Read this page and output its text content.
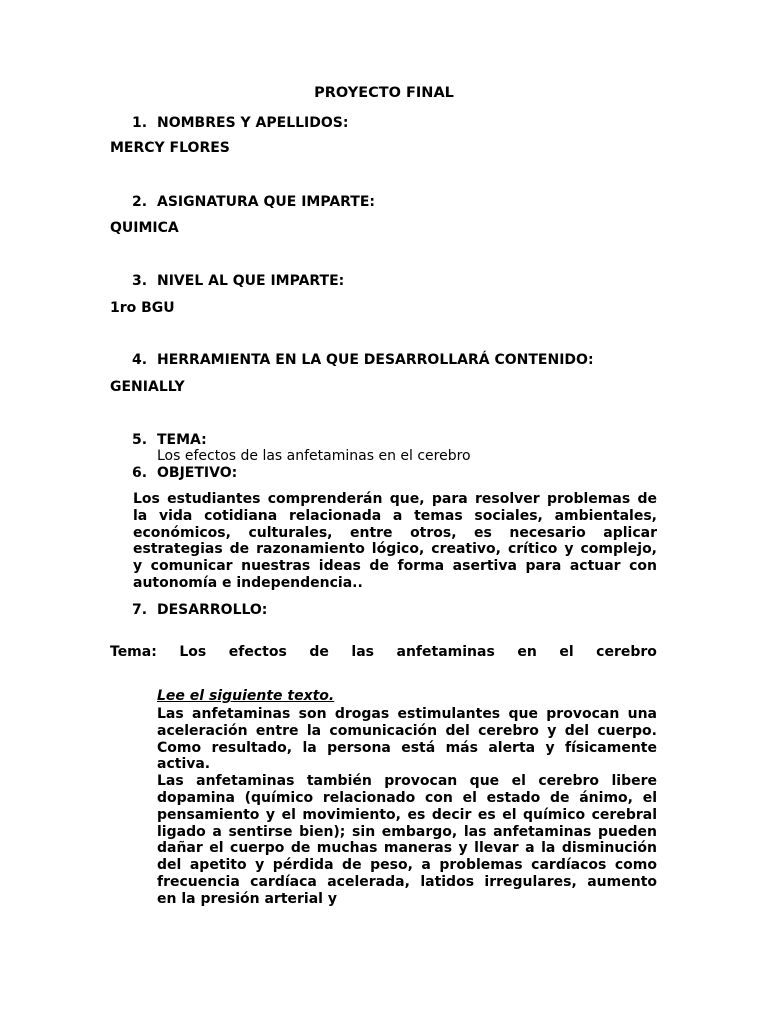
PROYECTO FINAL
1. NOMBRES Y APELLIDOS:
MERCY FLORES
2. ASIGNATURA QUE IMPARTE:
QUIMICA
3. NIVEL AL QUE IMPARTE:
1ro BGU
4. HERRAMIENTA EN LA QUE DESARROLLARÁ CONTENIDO:
GENIALLY
5. TEMA:
Los efectos de las anfetaminas en el cerebro
6. OBJETIVO:
Los estudiantes comprenderán que, para resolver problemas de
la vida cotidiana relacionada a temas sociales, ambientales,
económicos, culturales, entre otros, es necesario aplicar
estrategias de razonamiento lógico, creativo, crítico y complejo,
y comunicar nuestras ideas de forma asertiva para actuar con
autonomía e independencia..
7. DESARROLLO:
Tema: Los efectos de las anfetaminas en el cerebro
Lee el siguiente texto.
Las anfetaminas son drogas estimulantes que provocan una
aceleración entre la comunicación del cerebro y del cuerpo.
Como resultado, la persona está más alerta y físicamente
activa.
Las anfetaminas también provocan que el cerebro libere
dopamina (químico relacionado con el estado de ánimo, el
pensamiento y el movimiento, es decir es el químico cerebral
ligado a sentirse bien); sin embargo, las anfetaminas pueden
dañar el cuerpo de muchas maneras y llevar a la disminución
del apetito y pérdida de peso, a problemas cardíacos como
frecuencia cardíaca acelerada, latidos irregulares, aumento
en la presión arterial y
